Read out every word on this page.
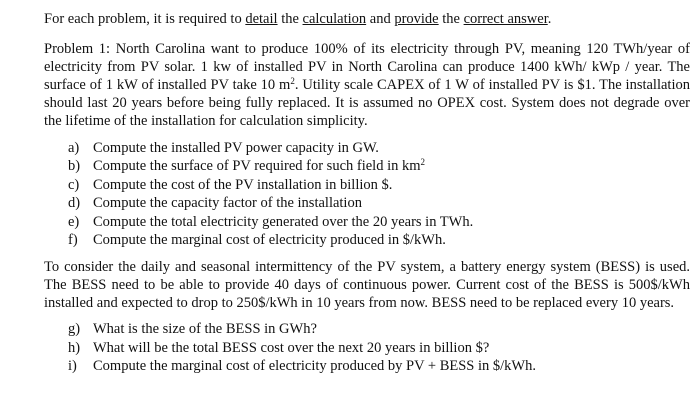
For each problem, it is required to detail the calculation and provide the correct answer.

Problem 1: North Carolina want to produce 100% of its electricity through PV, meaning 120 TWh/year of electricity from PV solar. 1 kw of installed PV in North Carolina can produce 1400 kWh/ kWp / year. The surface of 1 kW of installed PV take 10 $m^2$. Utility scale CAPEX of 1 W of installed PV is $1. The installation should last 20 years before being fully replaced. It is assumed no OPEX cost. System does not degrade over the lifetime of the installation for calculation simplicity.

a) Compute the installed PV power capacity in GW.
b) Compute the surface of PV required for such field in $km^2$
c) Compute the cost of the PV installation in billion $.
d) Compute the capacity factor of the installation
e) Compute the total electricity generated over the 20 years in TWh.
f)	Compute the marginal cost of electricity produced in $/kWh.

To consider the daily and seasonal intermittency of the PV system, a battery energy system (BESS) is used. The BESS need to be able to provide 40 days of continuous power. Current cost of the BESS is 500$/kWh installed and expected to drop to 250$/kWh in 10 years from now. BESS need to be replaced every 10 years.

g) What is the size of the BESS in GWh?
h) What will be the total BESS cost over the next 20 years in billion $?
i)	Compute the marginal cost of electricity produced by PV + BESS in $/kWh.
